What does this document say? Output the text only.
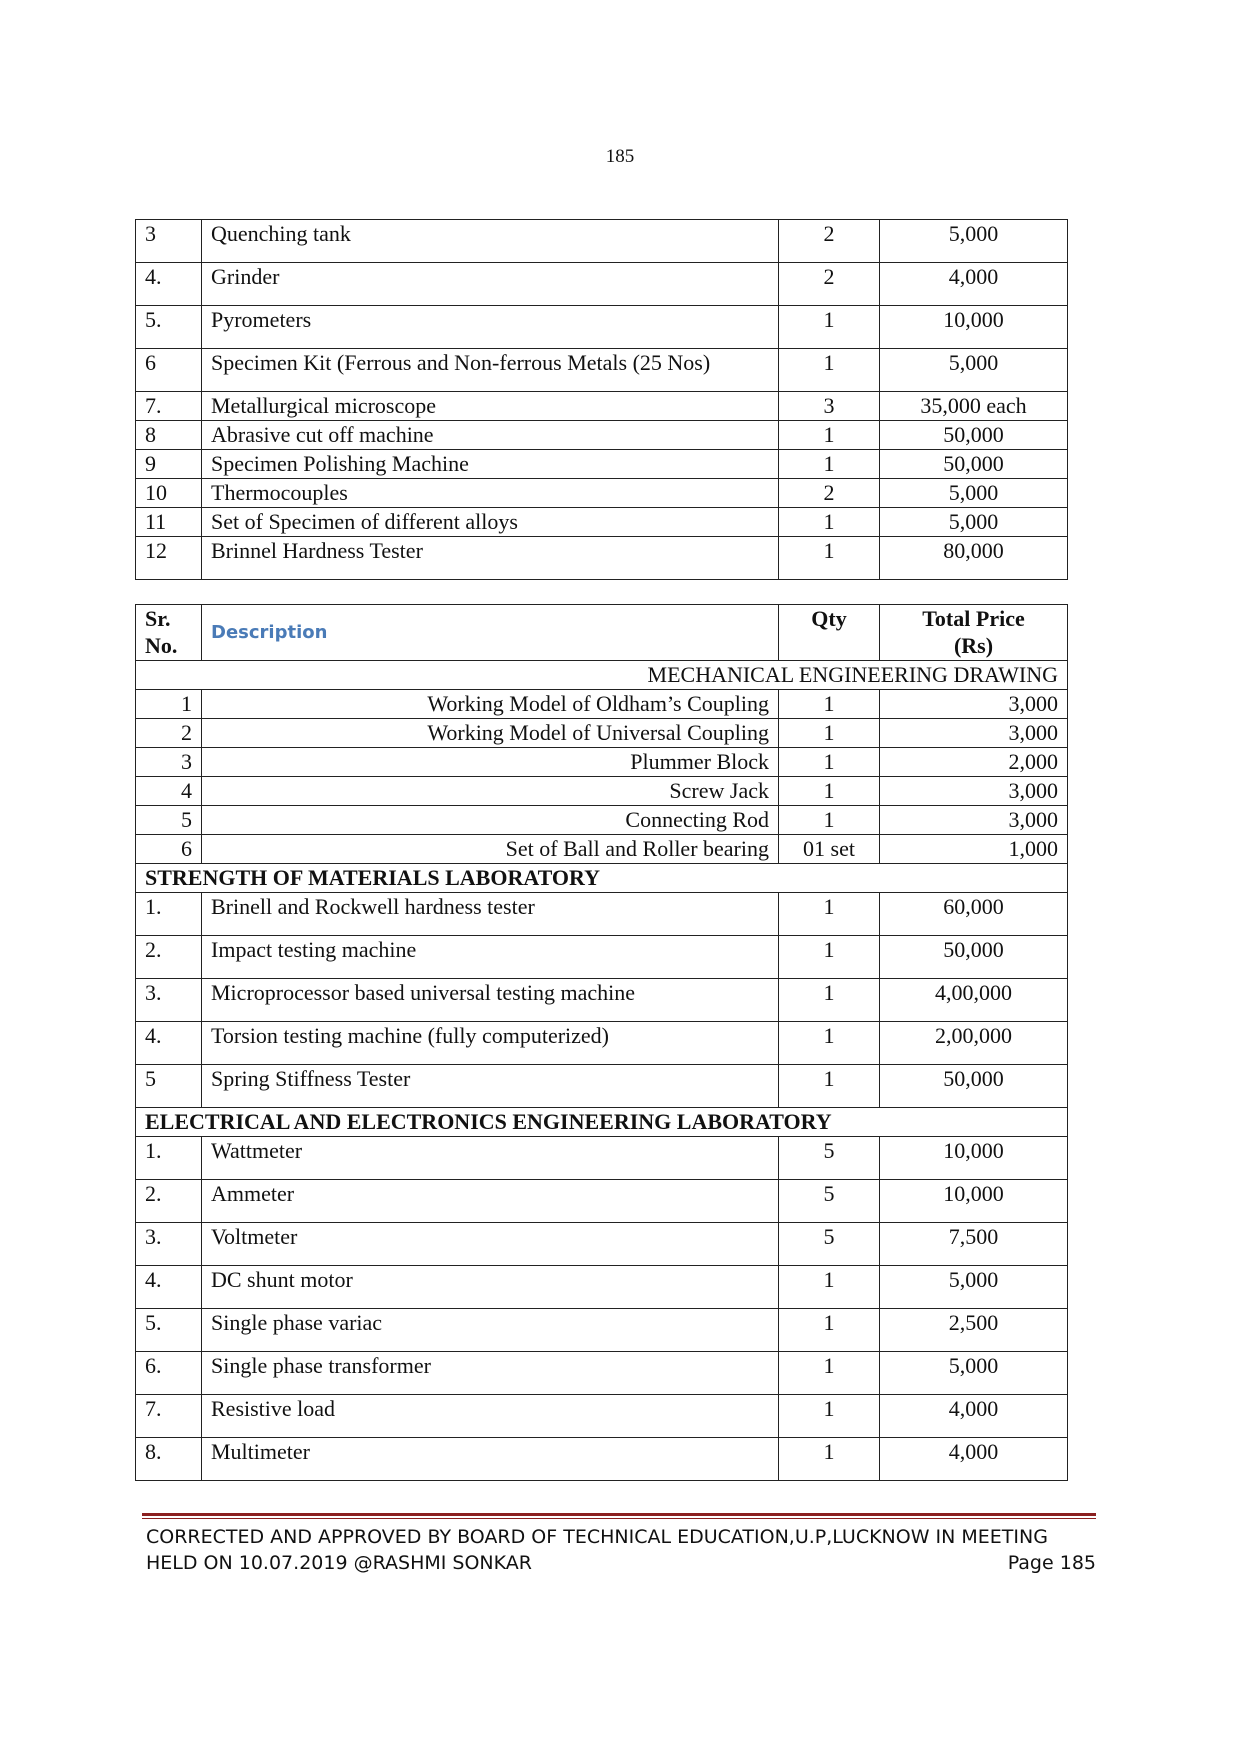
185
3	Quenching tank	2	5,000
4.	Grinder	2	4,000
5.	Pyrometers	1	10,000
6	Specimen Kit (Ferrous and Non-ferrous Metals (25 Nos)	1	5,000
7.	Metallurgical microscope	3	35,000 each
8	Abrasive cut off machine	1	50,000
9	Specimen Polishing Machine	1	50,000
10	Thermocouples	2	5,000
11	Set of Specimen of different alloys	1	5,000
12	Brinnel Hardness Tester	1	80,000
Sr.
No.	Description	Qty	Total Price
(Rs)
MECHANICAL ENGINEERING DRAWING			
1	Working Model of Oldham’s Coupling	1	3,000
2	Working Model of Universal Coupling	1	3,000
3	Plummer Block	1	2,000
4	Screw Jack	1	3,000
5	Connecting Rod	1	3,000
6	Set of Ball and Roller bearing	01 set	1,000
STRENGTH OF MATERIALS LABORATORY			
1.	Brinell and Rockwell hardness tester	1	60,000
2.	Impact testing machine	1	50,000
3.	Microprocessor based universal testing machine	1	4,00,000
4.	Torsion testing machine (fully computerized)	1	2,00,000
5	Spring Stiffness Tester	1	50,000
ELECTRICAL AND ELECTRONICS ENGINEERING LABORATORY			
1.	Wattmeter	5	10,000
2.	Ammeter	5	10,000
3.	Voltmeter	5	7,500
4.	DC shunt motor	1	5,000
5.	Single phase variac	1	2,500
6.	Single phase transformer	1	5,000
7.	Resistive load	1	4,000
8.	Multimeter	1	4,000
CORRECTED AND APPROVED BY BOARD OF TECHNICAL EDUCATION,U.P,LUCKNOW IN MEETING
HELD ON 10.07.2019 @RASHMI SONKAR	Page 185
